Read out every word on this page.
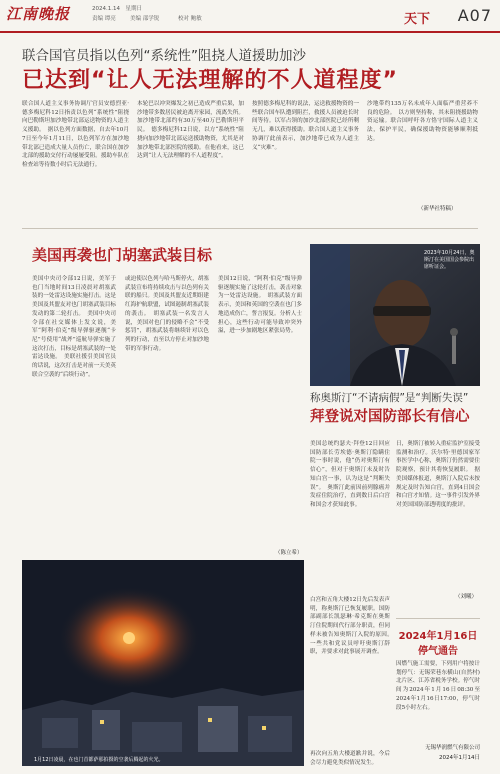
江南晚报	2024.1.14　星期日
责编 谭亮	美编 邵学锐	校对 鲍敏	天下 A07
联合国官员指以色列“系统性”阻挠人道援助加沙
已达到“让人无法理解的不人道程度”
联合国人道主义事务协调厅官员安德烈亚·德多梅尼科12日指责以色列“系统性”阻挠向巴勒斯坦加沙地带北部运送物资的人道主义援助。　据以色列方面数据，自去年10月7日至今年1月11日，以色列军方在加沙地带北部已造成大量人员伤亡，联合国在加沙北部的援助交付行动屡屡受阻。援助车队在检查站等待数小时后无法通行。
本轮巴以冲突爆发之初已造成严重后果，加沙地带多数居民被迫离开家园，流离失所。加沙地带北部约有30万至40万巴勒斯坦平民。　德多梅尼科12日说，以方“系统性”阻挠向加沙地带北部运送援助物资，尤其是对加沙地带北部医院的援助。在他看来，这已达到“让人无法理解的不人道程度”。
按照德多梅尼科的说法，运送救援物资的一些联合国车队遭到阻拦，救援人员被迫长时间等待。以军占领的加沙北部医院已经所剩无几，难以获得援助。联合国人道主义事务协调厅此前表示，加沙地带已成为人道主义“灾难”。
沙地带约135万名未成年人面临严重营养不良的危险。　以方则坚持称，其未阻挠援助物资运输。联合国呼吁各方恪守国际人道主义法，保护平民，确保援助物资能够顺利抵达。
（新华社特稿）
美国再袭也门胡塞武装目标
美国中央司令部12日说，美军于也门当地时间13日凌晨对胡塞武装的一处雷达设施实施打击。这是美国及其盟友对也门胡塞武装目标发动的第二轮打击。　美国中央司令部在社交媒体上发文说，美军“阿利·伯克”级导弹驱逐舰“卡尼”号使用“战斧”巡航导弹实施了这次打击，目标是胡塞武装的一处雷达设施。　美联社援引美国官员的话说，这次打击是对前一天美英联合空袭的“后续行动”。
或迫使以色列与哈马斯停火，胡塞武装宣布将持续攻击与以色列有关联的船只。美国及其盟友近期组建红海护航联盟，试图遏制胡塞武装的袭击。　胡塞武装一名发言人说，美国对也门的侵略不会“不受惩罚”，胡塞武装将继续针对以色列的行动，直至以方停止对加沙地带的军事行动。
美国12日说，“阿利·伯克”级导弹驱逐舰实施了这轮打击，袭击对象为一处雷达设施。　胡塞武装方面表示，美国和英国的空袭在也门多地造成伤亡，誓言报复。分析人士担心，这些行动可能导致冲突外溢，进一步加剧地区紧张局势。
（陈立希）
2023年10月24日，奥斯汀在美国国会参院出席听证会。
称奥斯汀“不请病假”是“判断失误”
拜登说对国防部长有信心
美国总统约瑟夫·拜登12日回应国防部长劳埃德·奥斯汀隐瞒住院一事时说，他“仍对奥斯汀有信心”，但对于奥斯汀未及时告知白宫一事，认为这是“判断失误”。　奥斯汀此前因前列腺癌并发症住院治疗，直到数日后白宫和国会才获知此事。
日，奥斯汀被转入重症监护室接受监测和治疗。沃尔特·里德国家军事医学中心称，奥斯汀仍然需要住院观察，预计其将恢复履职。　据美国媒体报道，奥斯汀入院后未按规定及时告知白宫，直到4日国会和白宫才知情。这一事件引发外界对美国国防部透明度的批评。
白宫和五角大楼12日先后发表声明，称奥斯汀已恢复履职。国防部副部长凯瑟琳·希克斯在奥斯汀住院期间代行部分职责，但同样未被告知奥斯汀入院的原因。　一些共和党议员呼吁奥斯汀辞职，并要求对此事展开调查。
再次向五角大楼道歉并说，今后会尽力避免类似情况发生。
（刘曦）
2024年1月16日
停气通告
因燃气施工需要，下列用户将按计划停气：无锡荣巷东横山(自然村)北片区、江苏省税务学校。停气时间为2024年1月16日08:30至2024年1月16日17:00，停气时段5小时左右。
无锡华润燃气有限公司
2024年1月14日
1月12日凌晨，在也门首都萨那拍摄的空袭后腾起的火光。
